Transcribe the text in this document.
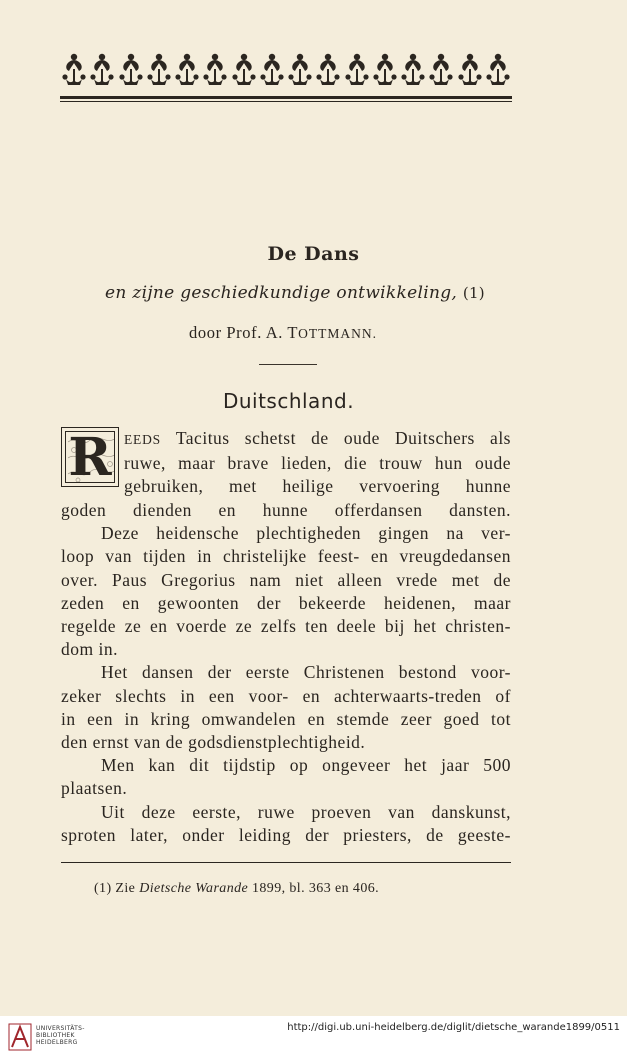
De Dans
en zijne geschiedkundige ontwikkeling, (1)
door Prof. A. TOTTMANN.
Duitschland.
R EEDS Tacitus schetst de oude Duitschers als
ruwe, maar brave lieden, die trouw hun oude
gebruiken, met heilige vervoering hunne
goden dienden en hunne offerdansen dansten.
Deze heidensche plechtigheden gingen na ver-
loop van tijden in christelijke feest- en vreugdedansen
over. Paus Gregorius nam niet alleen vrede met de
zeden en gewoonten der bekeerde heidenen, maar
regelde ze en voerde ze zelfs ten deele bij het christen-
dom in.
Het dansen der eerste Christenen bestond voor-
zeker slechts in een voor- en achterwaarts-treden of
in een in kring omwandelen en stemde zeer goed tot
den ernst van de godsdienstplechtigheid.
Men kan dit tijdstip op ongeveer het jaar 500
plaatsen.
Uit deze eerste, ruwe proeven van danskunst,
sproten later, onder leiding der priesters, de geeste-
(1) Zie Dietsche Warande 1899, bl. 363 en 406.
UNIVERSITÄTS-
BIBLIOTHEK
HEIDELBERG
http://digi.ub.uni-heidelberg.de/diglit/dietsche_warande1899/0511
